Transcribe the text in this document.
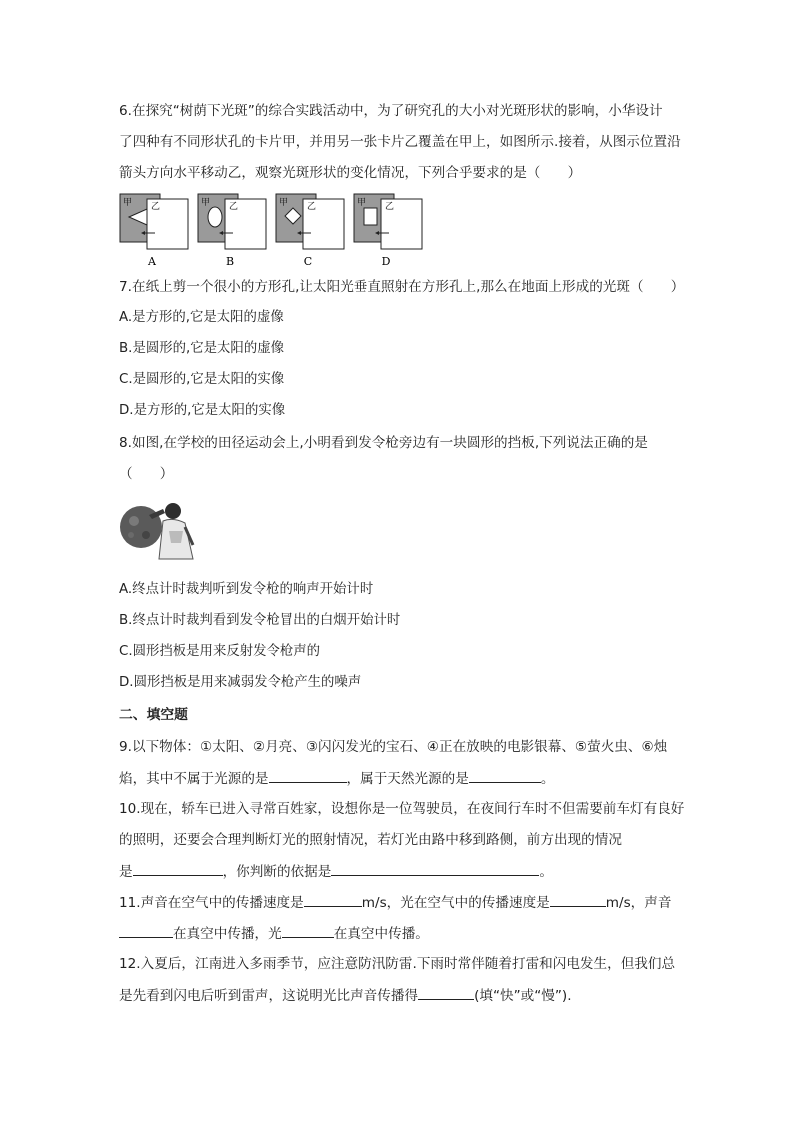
6.在探究“树荫下光斑”的综合实践活动中，为了研究孔的大小对光斑形状的影响，小华设计
了四种有不同形状孔的卡片甲，并用另一张卡片乙覆盖在甲上，如图所示.接着，从图示位置沿
箭头方向水平移动乙，观察光斑形状的变化情况，下列合乎要求的是（　　）
甲 乙
A
甲 乙
B
甲 乙
C
甲 乙
D
7.在纸上剪一个很小的方形孔,让太阳光垂直照射在方形孔上,那么在地面上形成的光斑（　　）
A.是方形的,它是太阳的虚像
B.是圆形的,它是太阳的虚像
C.是圆形的,它是太阳的实像
D.是方形的,它是太阳的实像
8.如图,在学校的田径运动会上,小明看到发令枪旁边有一块圆形的挡板,下列说法正确的是
（　　）
A.终点计时裁判听到发令枪的响声开始计时
B.终点计时裁判看到发令枪冒出的白烟开始计时
C.圆形挡板是用来反射发令枪声的
D.圆形挡板是用来减弱发令枪产生的噪声
二、填空题
9.以下物体：①太阳、②月亮、③闪闪发光的宝石、④正在放映的电影银幕、⑤萤火虫、⑥烛
焰，其中不属于光源的是	，属于天然光源的是	。
10.现在，轿车已进入寻常百姓家，设想你是一位驾驶员，在夜间行车时不但需要前车灯有良好
的照明，还要会合理判断灯光的照射情况，若灯光由路中移到路侧，前方出现的情况
是	，你判断的依据是	。
11.声音在空气中的传播速度是	m/s，光在空气中的传播速度是	m/s，声音
在真空中传播，光	在真空中传播。
12.入夏后，江南进入多雨季节，应注意防汛防雷.下雨时常伴随着打雷和闪电发生，但我们总
是先看到闪电后听到雷声，这说明光比声音传播得	(填“快”或“慢”).
